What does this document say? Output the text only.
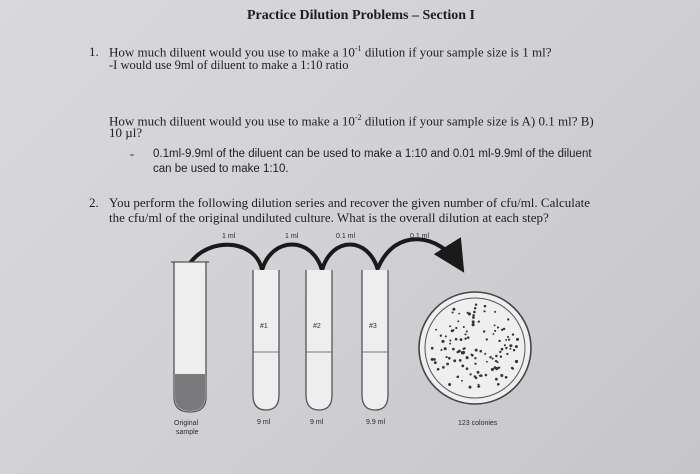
Practice Dilution Problems – Section I
1. How much diluent would you use to make a $10^{-1}$ dilution if your sample size is 1 ml?
-I would use 9ml of diluent to make a 1:10 ratio
How much diluent would you use to make a $10^{-2}$ dilution if your sample size is A) 0.1 ml? B)
10 µl?
- 0.1ml-9.9ml of the diluent can be used to make a 1:10 and 0.01 ml-9.9ml of the diluent
can be used to make 1:10.
2. You perform the following dilution series and recover the given number of cfu/ml. Calculate
the cfu/ml of the original undiluted culture. What is the overall dilution at each step?
1 ml	1 ml	0.1 ml	0.1 ml
#1	#2	#3
9 ml	9 ml	9.9 ml
Original
sample
123 colonies
